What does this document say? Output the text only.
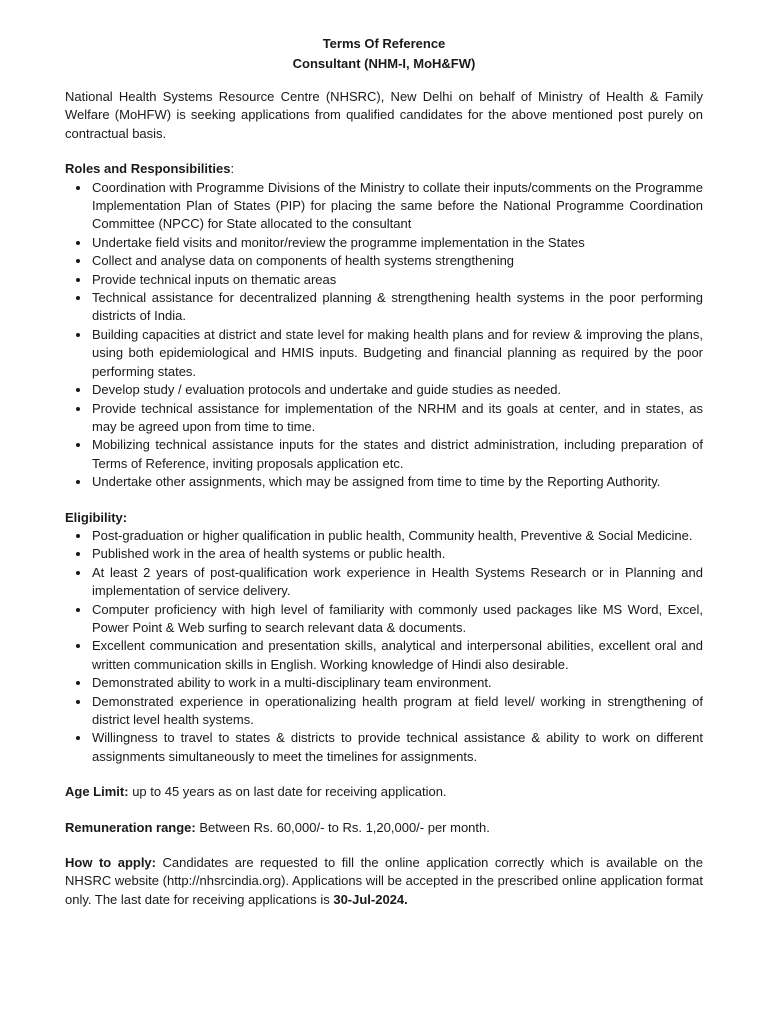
Terms Of Reference
Consultant (NHM-I, MoH&FW)

National Health Systems Resource Centre (NHSRC), New Delhi on behalf of Ministry of Health & Family Welfare (MoHFW) is seeking applications from qualified candidates for the above mentioned post purely on contractual basis.

Roles and Responsibilities:

• Coordination with Programme Divisions of the Ministry to collate their inputs/comments on the Programme Implementation Plan of States (PIP) for placing the same before the National Programme Coordination Committee (NPCC) for State allocated to the consultant
• Undertake field visits and monitor/review the programme implementation in the States
• Collect and analyse data on components of health systems strengthening
• Provide technical inputs on thematic areas
• Technical assistance for decentralized planning & strengthening health systems in the poor performing districts of India.
• Building capacities at district and state level for making health plans and for review & improving the plans, using both epidemiological and HMIS inputs. Budgeting and financial planning as required by the poor performing states.
• Develop study / evaluation protocols and undertake and guide studies as needed.
• Provide technical assistance for implementation of the NRHM and its goals at center, and in states, as may be agreed upon from time to time.
• Mobilizing technical assistance inputs for the states and district administration, including preparation of Terms of Reference, inviting proposals application etc.
• Undertake other assignments, which may be assigned from time to time by the Reporting Authority.

Eligibility:

• Post-graduation or higher qualification in public health, Community health, Preventive & Social Medicine.
• Published work in the area of health systems or public health.
• At least 2 years of post-qualification work experience in Health Systems Research or in Planning and implementation of service delivery.
• Computer proficiency with high level of familiarity with commonly used packages like MS Word, Excel, Power Point & Web surfing to search relevant data & documents.
• Excellent communication and presentation skills, analytical and interpersonal abilities, excellent oral and written communication skills in English. Working knowledge of Hindi also desirable.
• Demonstrated ability to work in a multi-disciplinary team environment.
• Demonstrated experience in operationalizing health program at field level/ working in strengthening of district level health systems.
• Willingness to travel to states & districts to provide technical assistance & ability to work on different assignments simultaneously to meet the timelines for assignments.

Age Limit: up to 45 years as on last date for receiving application.

Remuneration range: Between Rs. 60,000/- to Rs. 1,20,000/- per month.

How to apply: Candidates are requested to fill the online application correctly which is available on the NHSRC website (http://nhsrcindia.org). Applications will be accepted in the prescribed online application format only. The last date for receiving applications is 30-Jul-2024.
